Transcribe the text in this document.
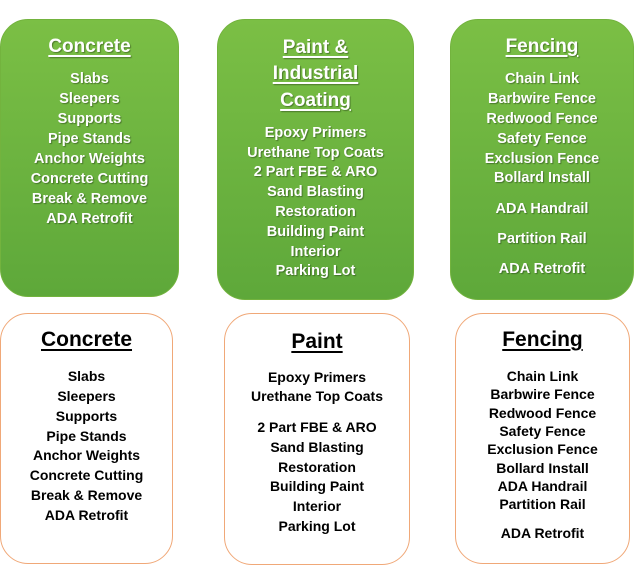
Concrete
Slabs
Sleepers
Supports
Pipe Stands
Anchor Weights
Concrete Cutting
Break & Remove
ADA Retrofit
Paint &
Industrial
Coating
Epoxy Primers
Urethane Top Coats
2 Part FBE & ARO
Sand Blasting
Restoration
Building Paint
Interior
Parking Lot
Fencing
Chain Link
Barbwire Fence
Redwood Fence
Safety Fence
Exclusion Fence
Bollard Install
ADA Handrail
Partition Rail
ADA Retrofit
Concrete
Slabs
Sleepers
Supports
Pipe Stands
Anchor Weights
Concrete Cutting
Break & Remove
ADA Retrofit
Paint
Epoxy Primers
Urethane Top Coats
2 Part FBE & ARO
Sand Blasting
Restoration
Building Paint
Interior
Parking Lot
Fencing
Chain Link
Barbwire Fence
Redwood Fence
Safety Fence
Exclusion Fence
Bollard Install
ADA Handrail
Partition Rail
ADA Retrofit
